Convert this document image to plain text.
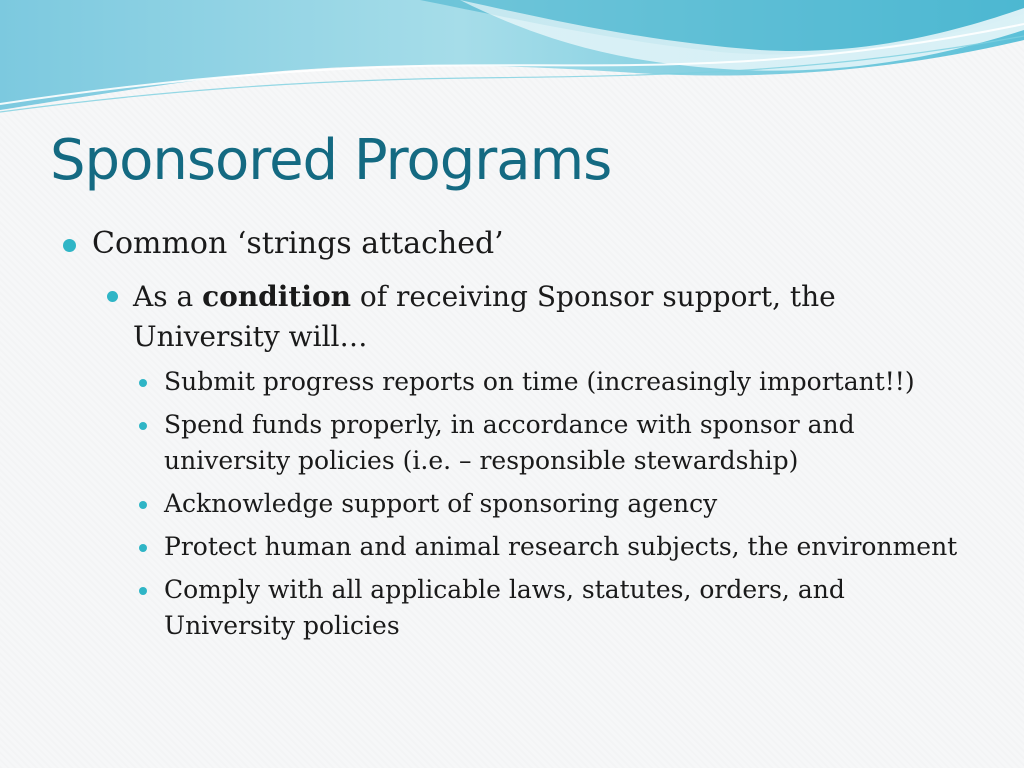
Sponsored Programs
Common ‘strings attached’
As a condition of receiving Sponsor support, the University will…
Submit progress reports on time (increasingly important!!)
Spend funds properly, in accordance with sponsor and university policies (i.e. – responsible stewardship)
Acknowledge support of sponsoring agency
Protect human and animal research subjects, the environment
Comply with all applicable laws, statutes, orders, and University policies
